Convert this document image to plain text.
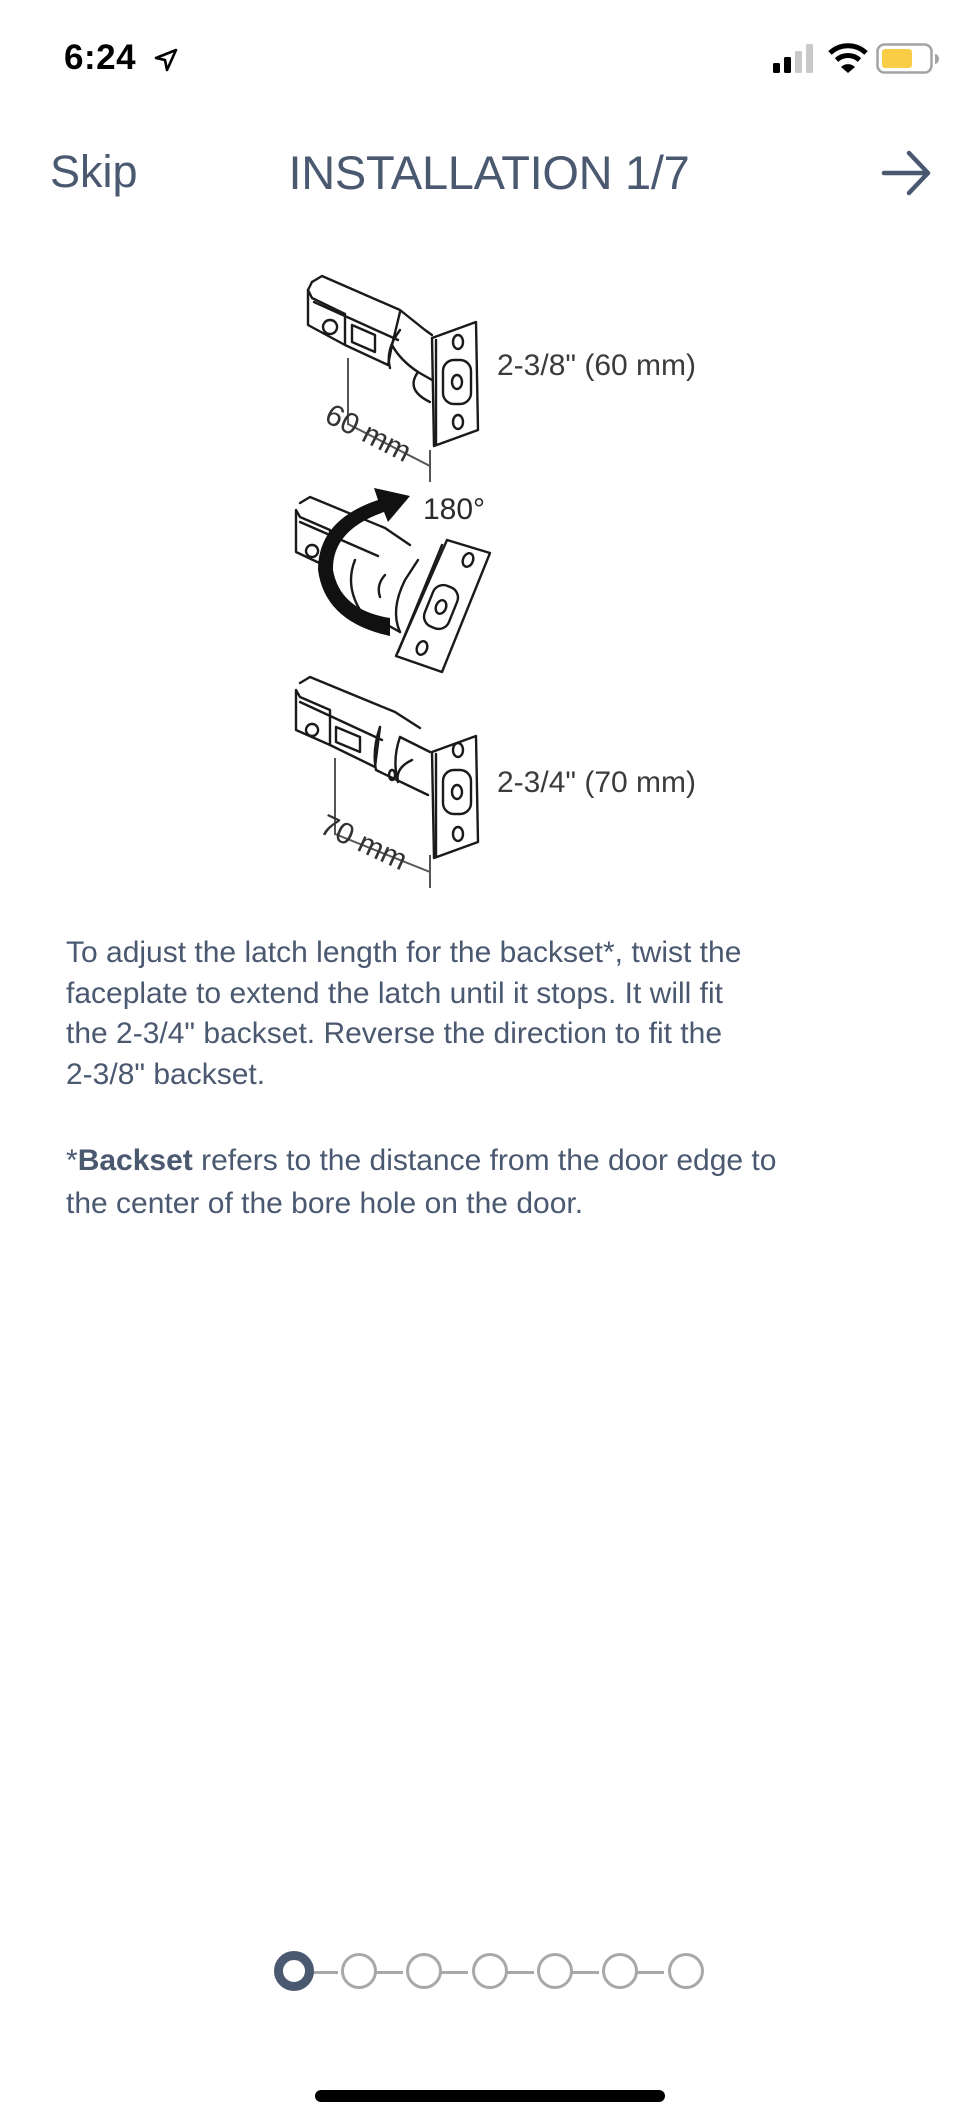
6:24
Skip	INSTALLATION 1/7
60 mm
70 mm
2-3/8" (60 mm)
180°
2-3/4" (70 mm)
To adjust the latch length for the backset*, twist the
faceplate to extend the latch until it stops. It will fit
the 2-3/4" backset. Reverse the direction to fit the
2-3/8" backset.
*Backset refers to the distance from the door edge to
the center of the bore hole on the door.
